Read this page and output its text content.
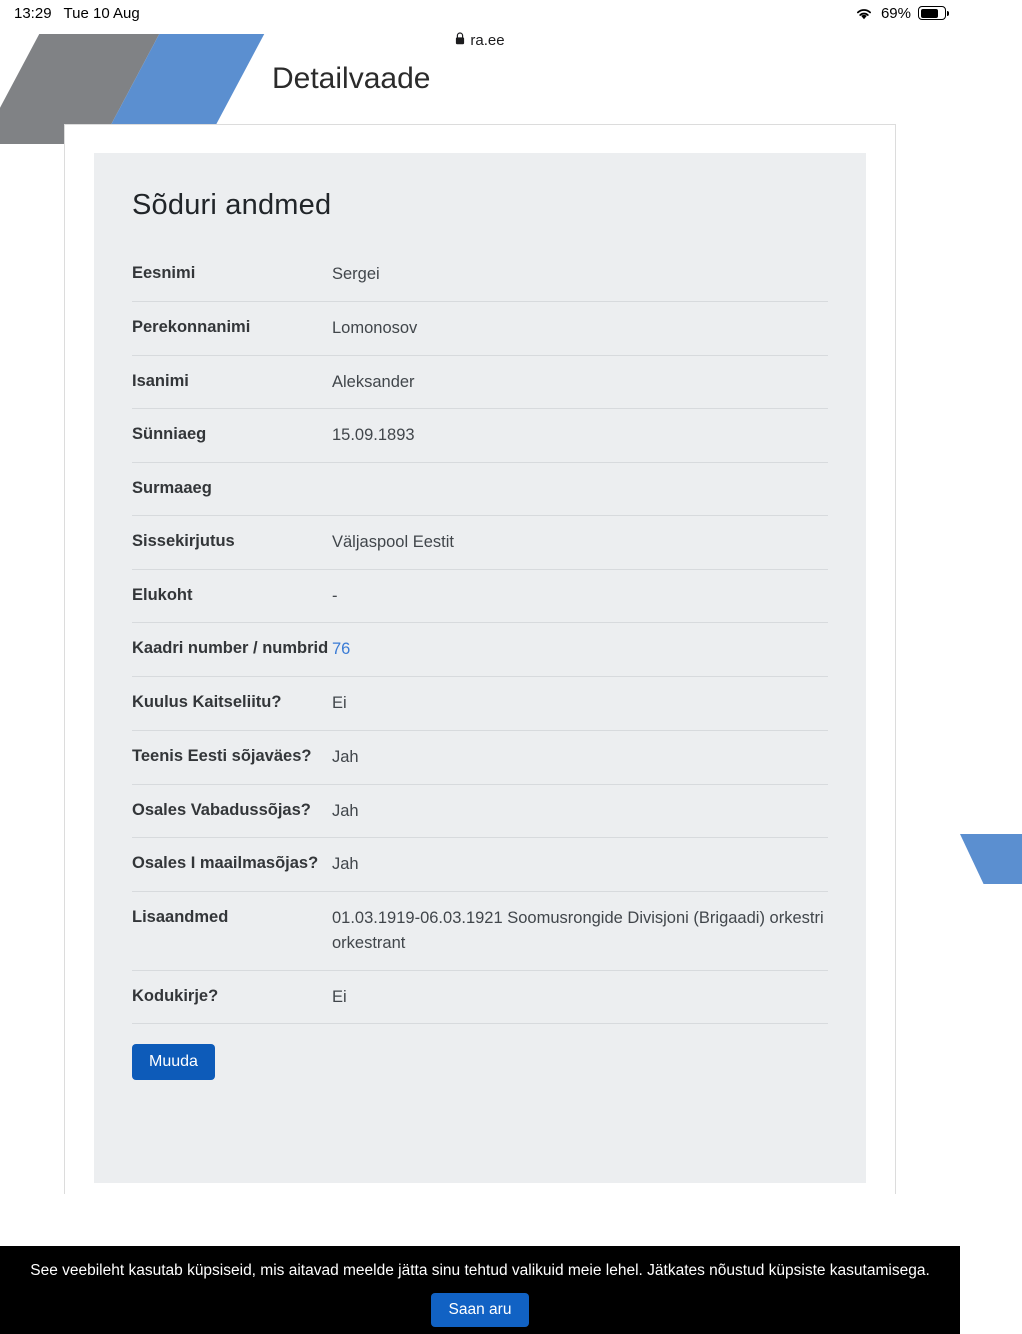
13:29 Tue 10 Aug	69%
ra.ee
Detailvaade
Sõduri andmed
Eesnimi	Sergei
Perekonnanimi	Lomonosov
Isanimi	Aleksander
Sünniaeg	15.09.1893
Surmaaeg	
Sissekirjutus	Väljaspool Eestit
Elukoht	-
Kaadri number / numbrid	76
Kuulus Kaitseliitu?	Ei
Teenis Eesti sõjaväes?	Jah
Osales Vabadussõjas?	Jah
Osales I maailmasõjas?	Jah
Lisaandmed	01.03.1919-06.03.1921 Soomusrongide Divisjoni (Brigaadi) orkestri orkestrant
Kodukirje?	Ei
Muuda
See veebileht kasutab küpsiseid, mis aitavad meelde jätta sinu tehtud valikuid meie lehel. Jätkates nõustud küpsiste kasutamisega.
Saan aru
